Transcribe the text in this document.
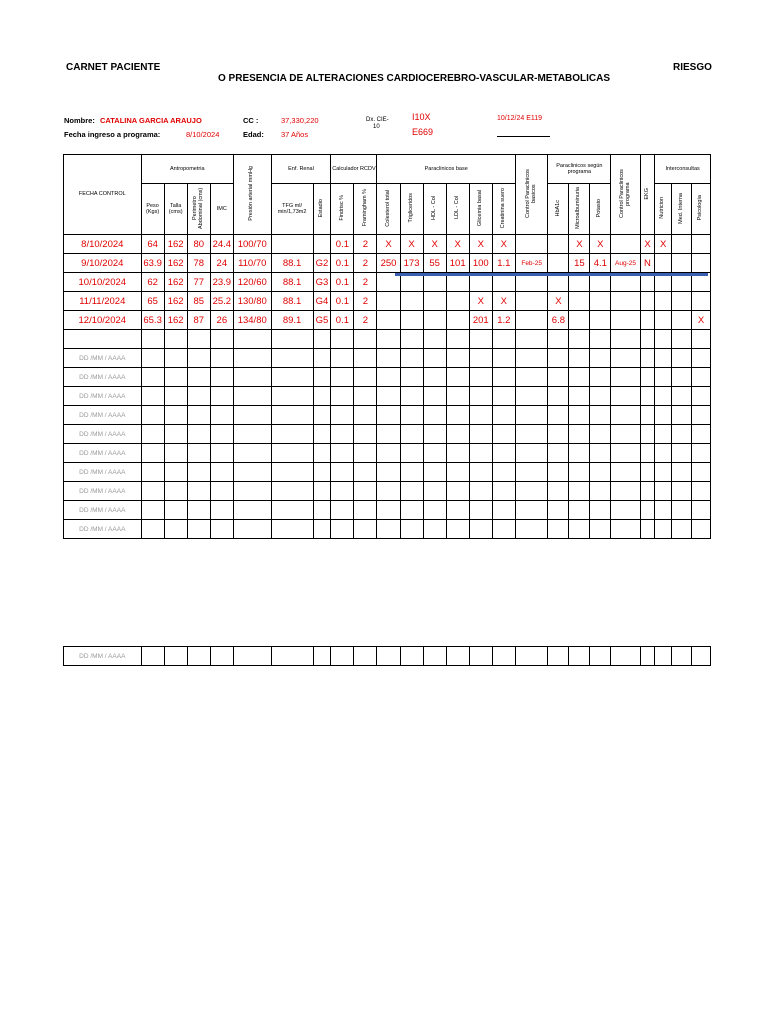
CARNET PACIENTE	RIESGO
O PRESENCIA DE ALTERACIONES CARDIOCEREBRO-VASCULAR-METABOLICAS
Nombre: CATALINA GARCIA ARAUJO	CC :	37,330,220	Dx. CIE-
10
I10X
E669
10/12/24 E119
Fecha ingreso a programa:	8/10/2024	Edad: 37 Años
FECHA CONTROL	Antropometria				Presión arterial mmHg	Enf. Renal		Calculador RCDV		Paraclinicos base						Control Paraclinicos basicos	Paraclinicos según programa			Control Paraclinicos programa	EKG	Interconsultas		
	Peso (Kgs)	Talla (cms)	Perimetro Abdominal (cms)	IMC		TFG ml/ min/1,73m2	Estadio	Findrisc %	Framingham %	Colesterol total	Trigliceridos	HDL - Col	LDL - Col	Glicemia basal	Creatinina suero		HbA1c	Microalbuminuria	Potasio			Nutricion	Med. Interna	Psicología
8/10/2024	64	162	80	24.4	100/70			0.1	2	X	X	X	X	X	X			X	X		X	X		
9/10/2024	63.9	162	78	24	110/70	88.1	G2	0.1	2	250	173	55	101	100	1.1	Feb-25		15	4.1	Aug-25	N			
10/10/2024	62	162	77	23.9	120/60	88.1	G3	0.1	2															
11/11/2024	65	162	85	25.2	130/80	88.1	G4	0.1	2					X	X		X							
12/10/2024	65.3	162	87	26	134/80	89.1	G5	0.1	2					201	1.2		6.8							X

DD /MM / AAAA																								
DD /MM / AAAA																								
DD /MM / AAAA																								
DD /MM / AAAA																								
DD /MM / AAAA																								
DD /MM / AAAA																								
DD /MM / AAAA																								
DD /MM / AAAA																								
DD /MM / AAAA																								
DD /MM / AAAA																								
DD /MM / AAAA																								
